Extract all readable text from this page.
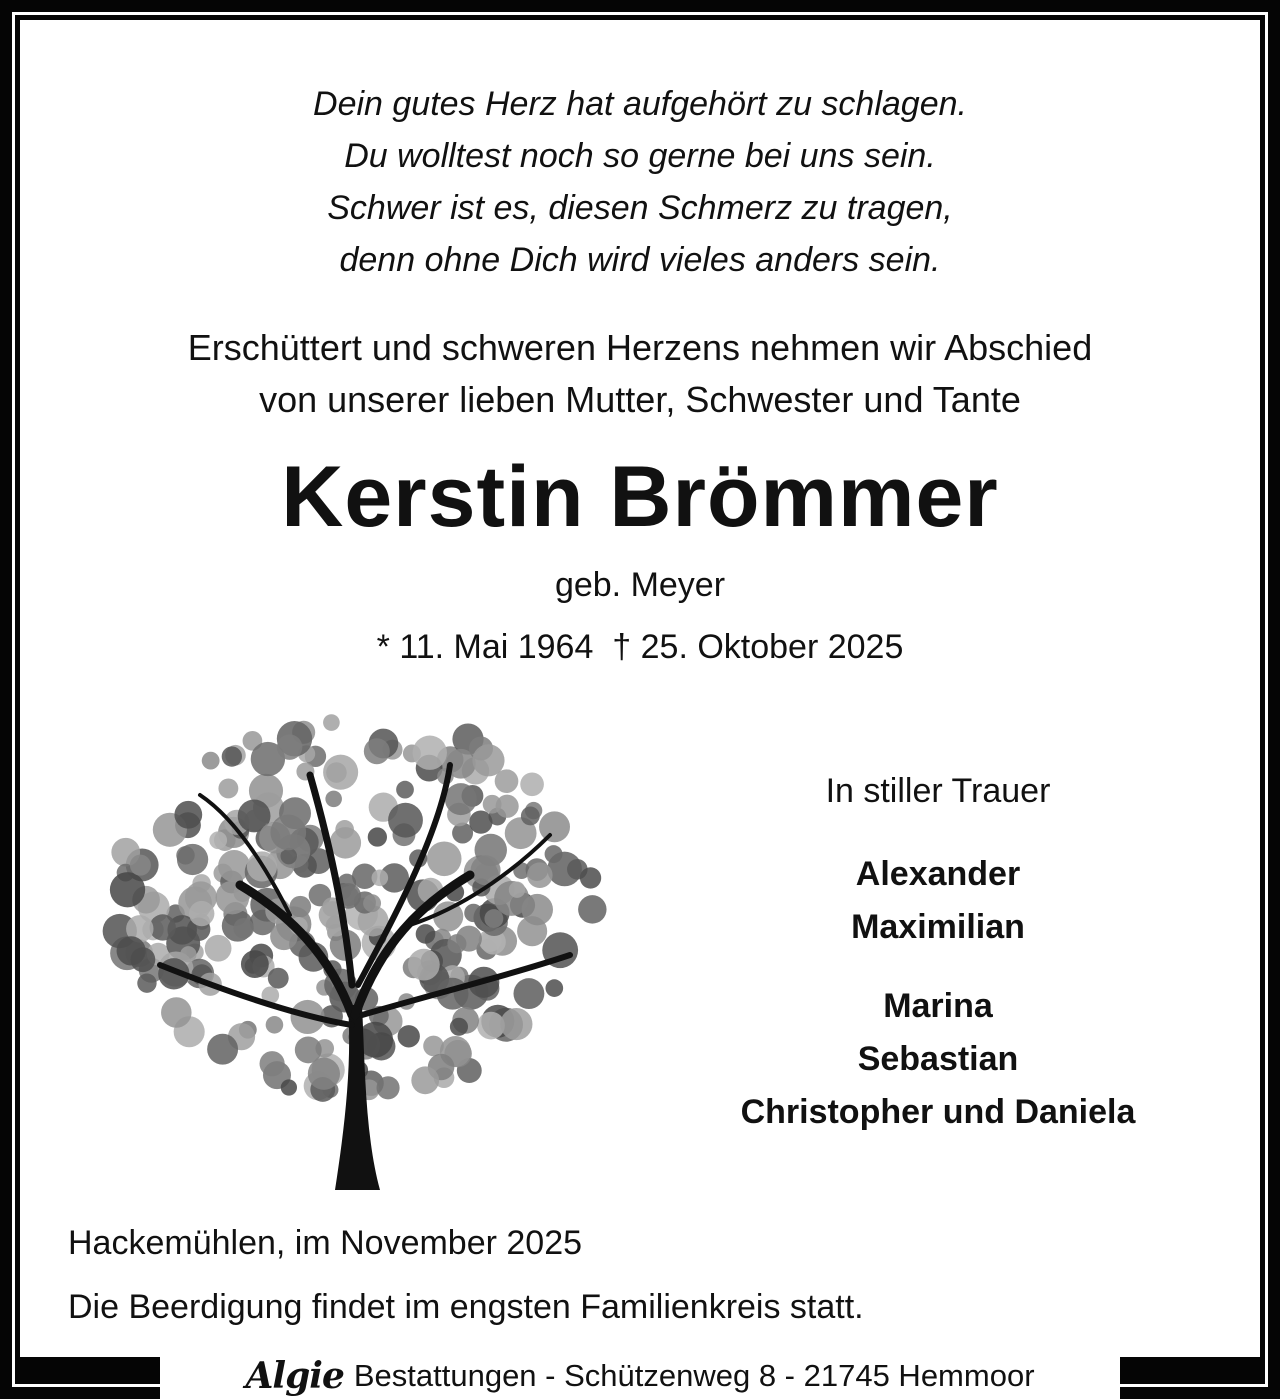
Dein gutes Herz hat aufgehört zu schlagen.
Du wolltest noch so gerne bei uns sein.
Schwer ist es, diesen Schmerz zu tragen,
denn ohne Dich wird vieles anders sein.
Erschüttert und schweren Herzens nehmen wir Abschied
von unserer lieben Mutter, Schwester und Tante
Kerstin Brömmer
geb. Meyer
* 11. Mai 1964  † 25. Oktober 2025
In stiller Trauer
Alexander
Maximilian
Marina
Sebastian
Christopher und Daniela
Hackemühlen, im November 2025
Die Beerdigung findet im engsten Familienkreis statt.
Algie Bestattungen - Schützenweg 8 - 21745 Hemmoor
